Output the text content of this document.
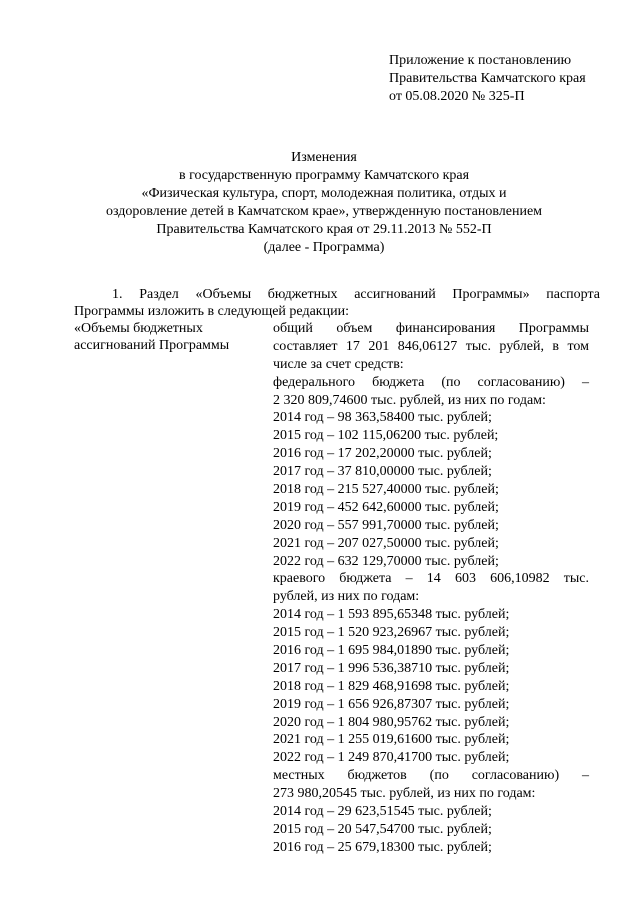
Приложение к постановлению
Правительства Камчатского края
от 05.08.2020 № 325-П
Изменения
в государственную программу Камчатского края
«Физическая культура, спорт, молодежная политика, отдых и
оздоровление детей в Камчатском крае», утвержденную постановлением
Правительства Камчатского края от 29.11.2013 № 552-П
(далее - Программа)
1. Раздел «Объемы бюджетных ассигнований Программы» паспорта
Программы изложить в следующей редакции:
«Объемы бюджетных
ассигнований Программы
общий объем финансирования Программы
составляет 17 201 846,06127 тыс. рублей, в том
числе за счет средств:
федерального бюджета (по согласованию) –
2 320 809,74600 тыс. рублей, из них по годам:
2014 год – 98 363,58400 тыс. рублей;
2015 год – 102 115,06200 тыс. рублей;
2016 год – 17 202,20000 тыс. рублей;
2017 год – 37 810,00000 тыс. рублей;
2018 год – 215 527,40000 тыс. рублей;
2019 год – 452 642,60000 тыс. рублей;
2020 год – 557 991,70000 тыс. рублей;
2021 год – 207 027,50000 тыс. рублей;
2022 год – 632 129,70000 тыс. рублей;
краевого бюджета – 14 603 606,10982 тыс.
рублей, из них по годам:
2014 год – 1 593 895,65348 тыс. рублей;
2015 год – 1 520 923,26967 тыс. рублей;
2016 год – 1 695 984,01890 тыс. рублей;
2017 год – 1 996 536,38710 тыс. рублей;
2018 год – 1 829 468,91698 тыс. рублей;
2019 год – 1 656 926,87307 тыс. рублей;
2020 год – 1 804 980,95762 тыс. рублей;
2021 год – 1 255 019,61600 тыс. рублей;
2022 год – 1 249 870,41700 тыс. рублей;
местных бюджетов (по согласованию) –
273 980,20545 тыс. рублей, из них по годам:
2014 год – 29 623,51545 тыс. рублей;
2015 год – 20 547,54700 тыс. рублей;
2016 год – 25 679,18300 тыс. рублей;
